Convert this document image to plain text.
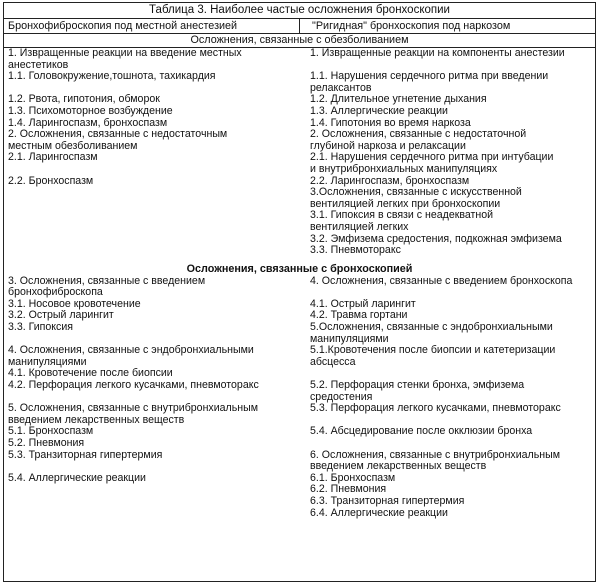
Таблица 3. Наиболее частые осложнения бронхоскопии
Бронхофиброскопия под местной анестезией	"Ригидная" бронхоскопия под наркозом
Осложнения, связанные с обезболиванием
1. Извращенные реакции на введение местных
анестетиков
1.1. Головокружение,тошнота, тахикардия
1.2. Рвота, гипотония, обморок
1.3. Психомоторное возбуждение
1.4. Ларингоспазм, бронхоспазм
2. Осложнения, связанные с недостаточным
местным обезболиванием
2.1. Ларингоспазм
2.2. Бронхоспазм
1. Извращенные реакции на компоненты анестезии
1.1. Нарушения сердечного ритма при введении
релаксантов
1.2. Длительное угнетение дыхания
1.3. Аллергические реакции
1.4. Гипотония во время наркоза
2. Осложнения, связанные с недостаточной
глубиной наркоза и релаксации
2.1. Нарушения сердечного ритма при интубации
и внутрибронхиальных манипуляциях
2.2. Ларингоспазм, бронхоспазм
3.Осложнения, связанные с искусственной
вентиляцией легких при бронхоскопии
3.1. Гипоксия в связи с неадекватной
вентиляцией легких
3.2. Эмфизема средостения, подкожная эмфизема
3.3. Пневмоторакс
Осложнения, связанные с бронхоскопией
3. Осложнения, связанные с введением
бронхофиброскопа
3.1. Носовое кровотечение
3.2. Острый ларингит
3.3. Гипоксия
4. Осложнения, связанные с эндобронхиальными
манипуляциями
4.1. Кровотечение после биопсии
4.2. Перфорация легкого кусачками, пневмоторакс
5. Осложнения, связанные с внутрибронхиальным
введением лекарственных веществ
5.1. Бронхоспазм
5.2. Пневмония
5.3. Транзиторная гипертермия
5.4. Аллергические реакции
4. Осложнения, связанные с введением бронхоскопа
4.1. Острый ларингит
4.2. Травма гортани
5.Осложнения, связанные с эндобронхиальными
манипуляциями
5.1.Кровотечения после биопсии и катетеризации
абсцесса
5.2. Перфорация стенки бронха, эмфизема
средостения
5.3. Перфорация легкого кусачками, пневмоторакс
5.4. Абсцедирование после окклюзии бронха
6. Осложнения, связанные с внутрибронхиальным
введением лекарственных веществ
6.1. Бронхоспазм
6.2. Пневмония
6.3. Транзиторная гипертермия
6.4. Аллергические реакции
